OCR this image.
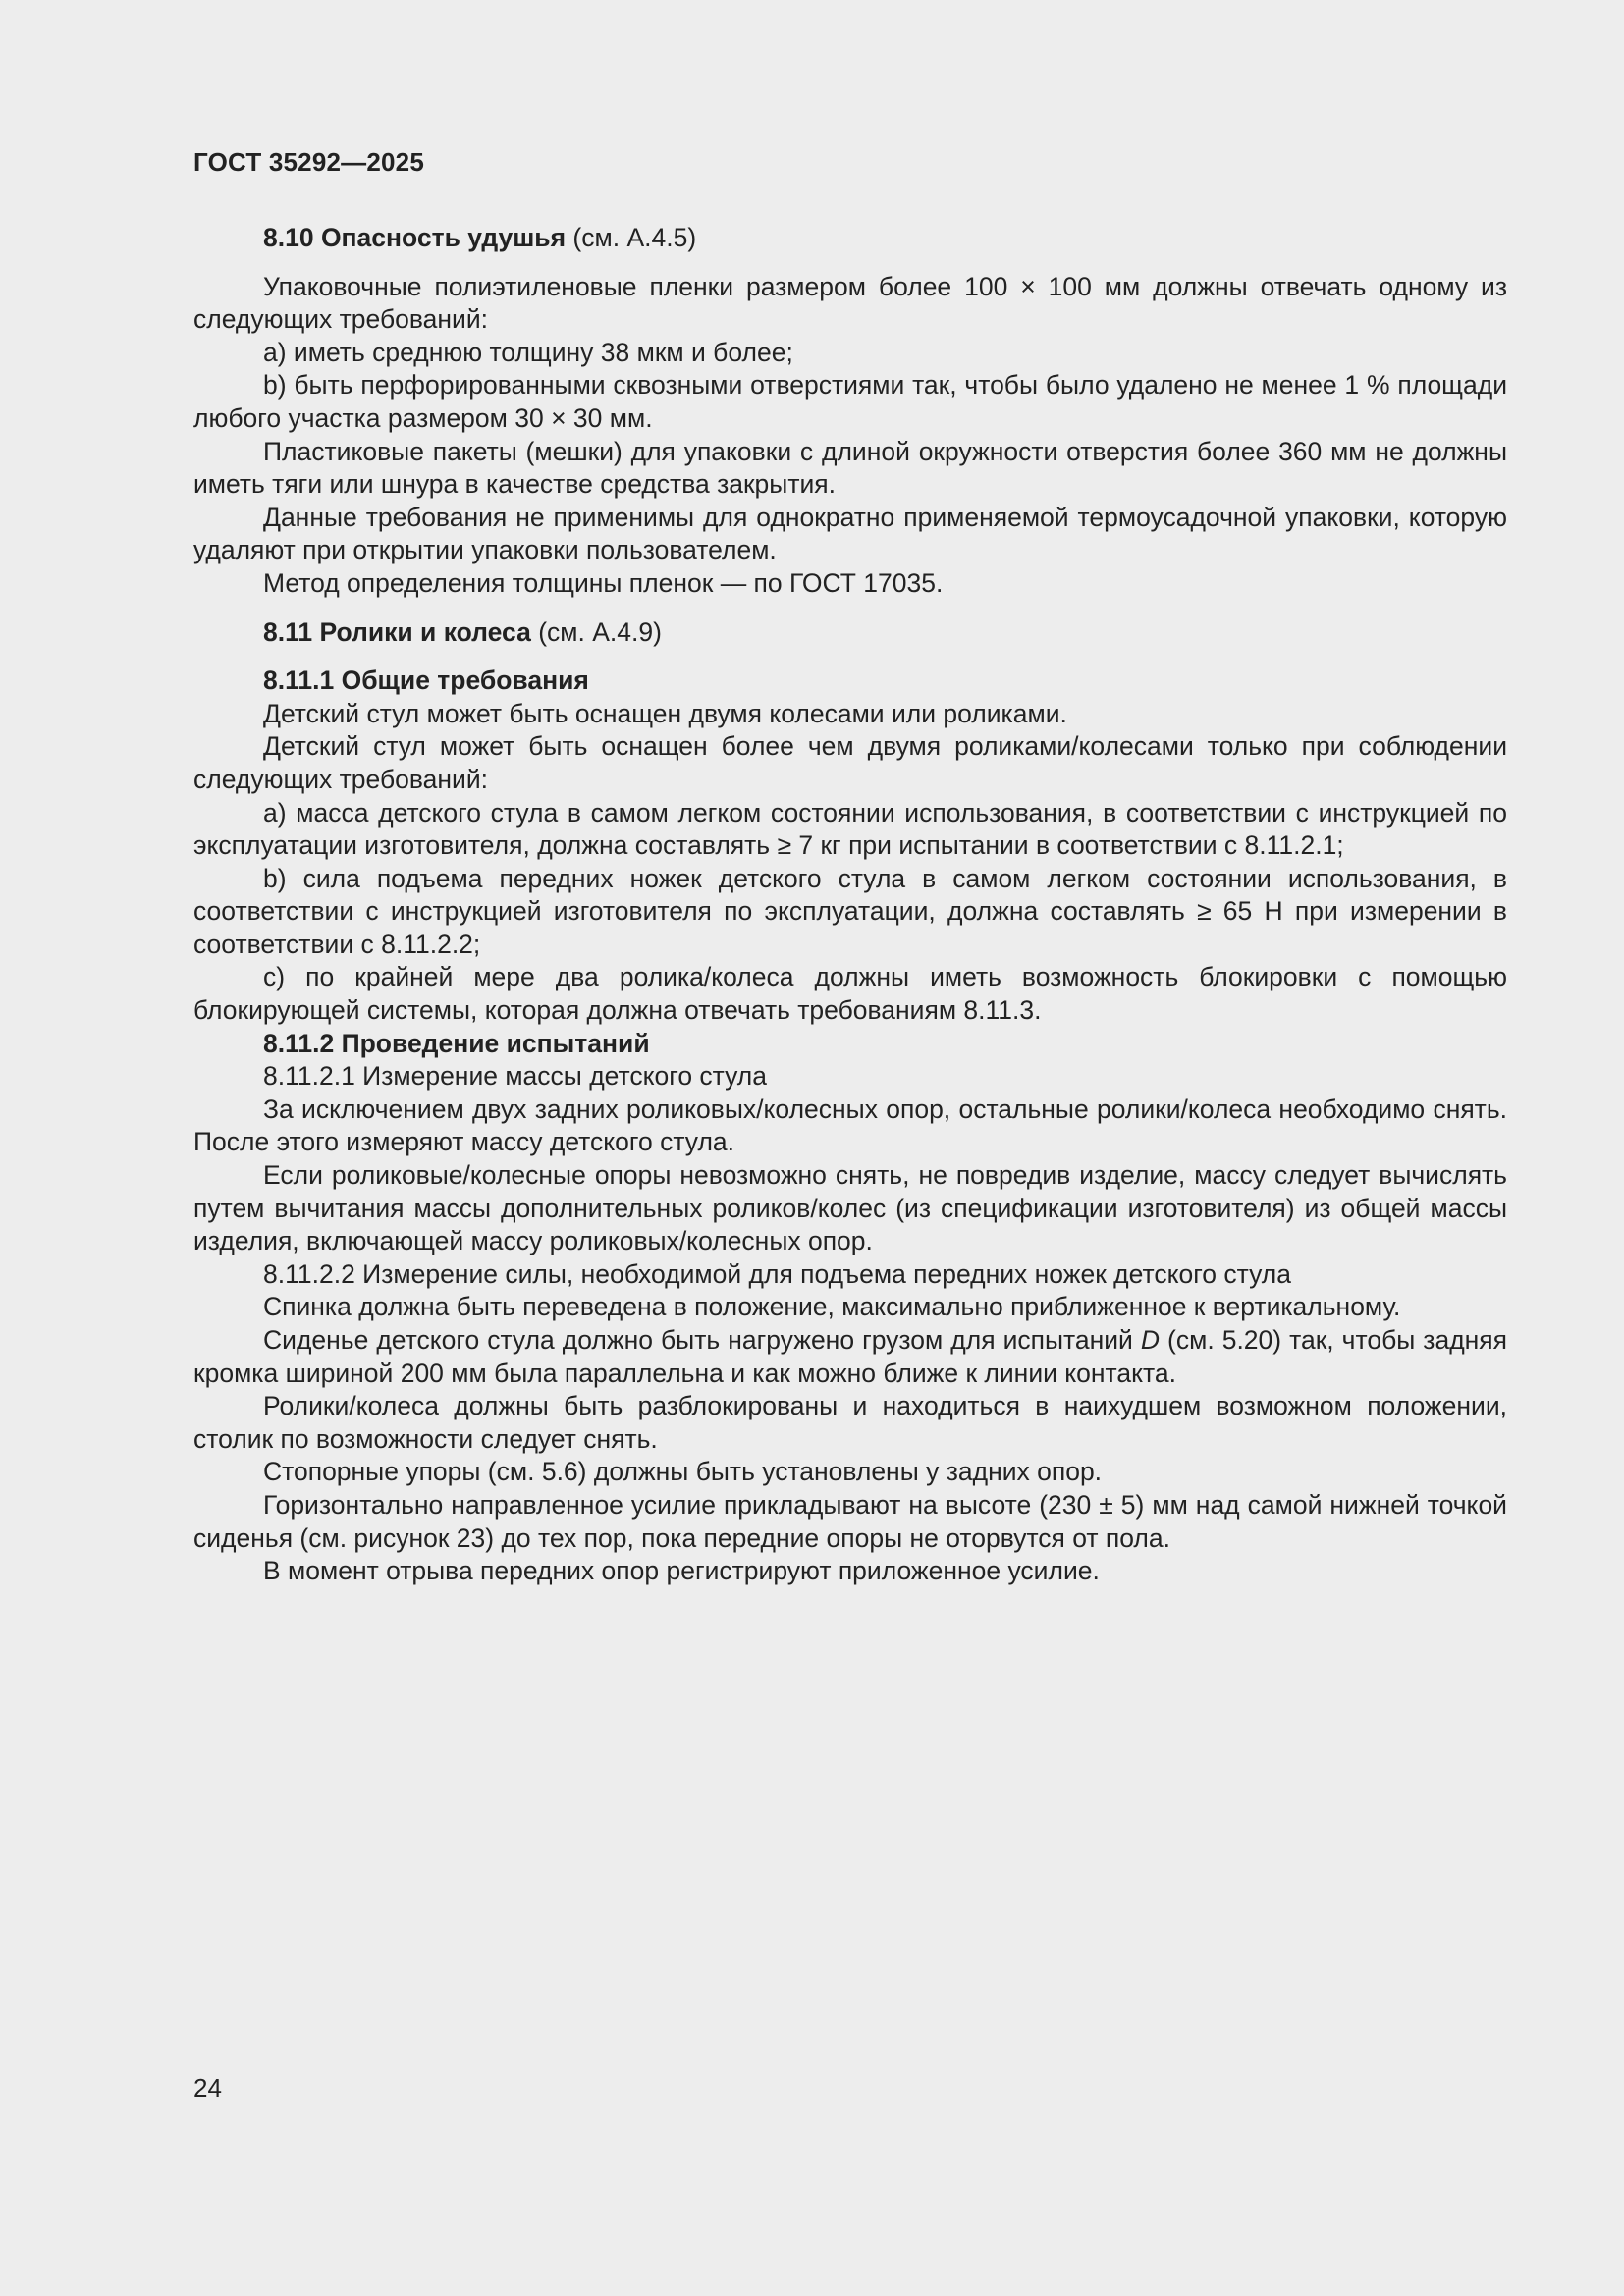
ГОСТ 35292—2025

8.10 Опасность удушья (см. А.4.5)

Упаковочные полиэтиленовые пленки размером более 100 × 100 мм должны отвечать одному из следующих требований:

a) иметь среднюю толщину 38 мкм и более;

b) быть перфорированными сквозными отверстиями так, чтобы было удалено не менее 1 % площади любого участка размером 30 × 30 мм.

Пластиковые пакеты (мешки) для упаковки с длиной окружности отверстия более 360 мм не должны иметь тяги или шнура в качестве средства закрытия.

Данные требования не применимы для однократно применяемой термоусадочной упаковки, которую удаляют при открытии упаковки пользователем.

Метод определения толщины пленок — по ГОСТ 17035.

8.11 Ролики и колеса (см. А.4.9)

8.11.1 Общие требования

Детский стул может быть оснащен двумя колесами или роликами.

Детский стул может быть оснащен более чем двумя роликами/колесами только при соблюдении следующих требований:

a) масса детского стула в самом легком состоянии использования, в соответствии с инструкцией по эксплуатации изготовителя, должна составлять ≥ 7 кг при испытании в соответствии с 8.11.2.1;

b) сила подъема передних ножек детского стула в самом легком состоянии использования, в соответствии с инструкцией изготовителя по эксплуатации, должна составлять ≥ 65 Н при измерении в соответствии с 8.11.2.2;

c) по крайней мере два ролика/колеса должны иметь возможность блокировки с помощью блокирующей системы, которая должна отвечать требованиям 8.11.3.

8.11.2 Проведение испытаний

8.11.2.1 Измерение массы детского стула

За исключением двух задних роликовых/колесных опор, остальные ролики/колеса необходимо снять. После этого измеряют массу детского стула.

Если роликовые/колесные опоры невозможно снять, не повредив изделие, массу следует вычислять путем вычитания массы дополнительных роликов/колес (из спецификации изготовителя) из общей массы изделия, включающей массу роликовых/колесных опор.

8.11.2.2 Измерение силы, необходимой для подъема передних ножек детского стула

Спинка должна быть переведена в положение, максимально приближенное к вертикальному.

Сиденье детского стула должно быть нагружено грузом для испытаний D (см. 5.20) так, чтобы задняя кромка шириной 200 мм была параллельна и как можно ближе к линии контакта.

Ролики/колеса должны быть разблокированы и находиться в наихудшем возможном положении, столик по возможности следует снять.

Стопорные упоры (см. 5.6) должны быть установлены у задних опор.

Горизонтально направленное усилие прикладывают на высоте (230 ± 5) мм над самой нижней точкой сиденья (см. рисунок 23) до тех пор, пока передние опоры не оторвутся от пола.

В момент отрыва передних опор регистрируют приложенное усилие.

24
